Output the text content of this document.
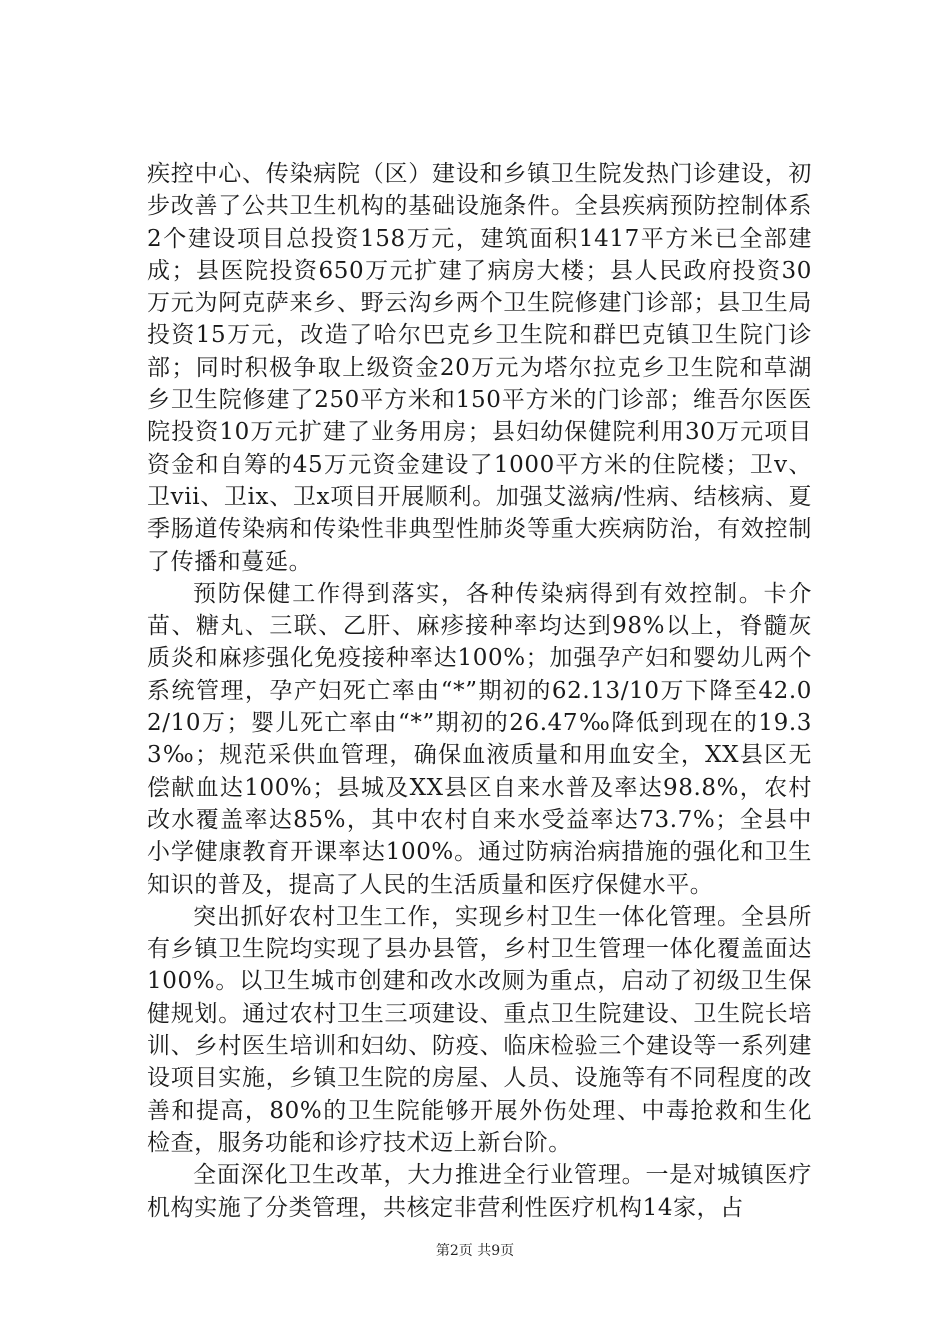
疾控中心、传染病院（区）建设和乡镇卫生院发热门诊建设，初步改善了公共卫生机构的基础设施条件。全县疾病预防控制体系2个建设项目总投资158万元，建筑面积1417平方米已全部建成；县医院投资650万元扩建了病房大楼；县人民政府投资30万元为阿克萨来乡、野云沟乡两个卫生院修建门诊部；县卫生局投资15万元，改造了哈尔巴克乡卫生院和群巴克镇卫生院门诊部；同时积极争取上级资金20万元为塔尔拉克乡卫生院和草湖乡卫生院修建了250平方米和150平方米的门诊部；维吾尔医医院投资10万元扩建了业务用房；县妇幼保健院利用30万元项目资金和自筹的45万元资金建设了1000平方米的住院楼；卫v、卫vii、卫ix、卫x项目开展顺利。加强艾滋病/性病、结核病、夏季肠道传染病和传染性非典型性肺炎等重大疾病防治，有效控制了传播和蔓延。

预防保健工作得到落实，各种传染病得到有效控制。卡介苗、糖丸、三联、乙肝、麻疹接种率均达到98%以上，脊髓灰质炎和麻疹强化免疫接种率达100%；加强孕产妇和婴幼儿两个系统管理，孕产妇死亡率由“*”期初的62.13/10万下降至42.02/10万；婴儿死亡率由“*”期初的26.47‰降低到现在的19.33‰；规范采供血管理，确保血液质量和用血安全，XX县区无偿献血达100%；县城及XX县区自来水普及率达98.8%，农村改水覆盖率达85%，其中农村自来水受益率达73.7%；全县中小学健康教育开课率达100%。通过防病治病措施的强化和卫生知识的普及，提高了人民的生活质量和医疗保健水平。

突出抓好农村卫生工作，实现乡村卫生一体化管理。全县所有乡镇卫生院均实现了县办县管，乡村卫生管理一体化覆盖面达100%。以卫生城市创建和改水改厕为重点，启动了初级卫生保健规划。通过农村卫生三项建设、重点卫生院建设、卫生院长培训、乡村医生培训和妇幼、防疫、临床检验三个建设等一系列建设项目实施，乡镇卫生院的房屋、人员、设施等有不同程度的改善和提高，80%的卫生院能够开展外伤处理、中毒抢救和生化检查，服务功能和诊疗技术迈上新台阶。

全面深化卫生改革，大力推进全行业管理。一是对城镇医疗机构实施了分类管理，共核定非营利性医疗机构14家，占

第2页 共9页
